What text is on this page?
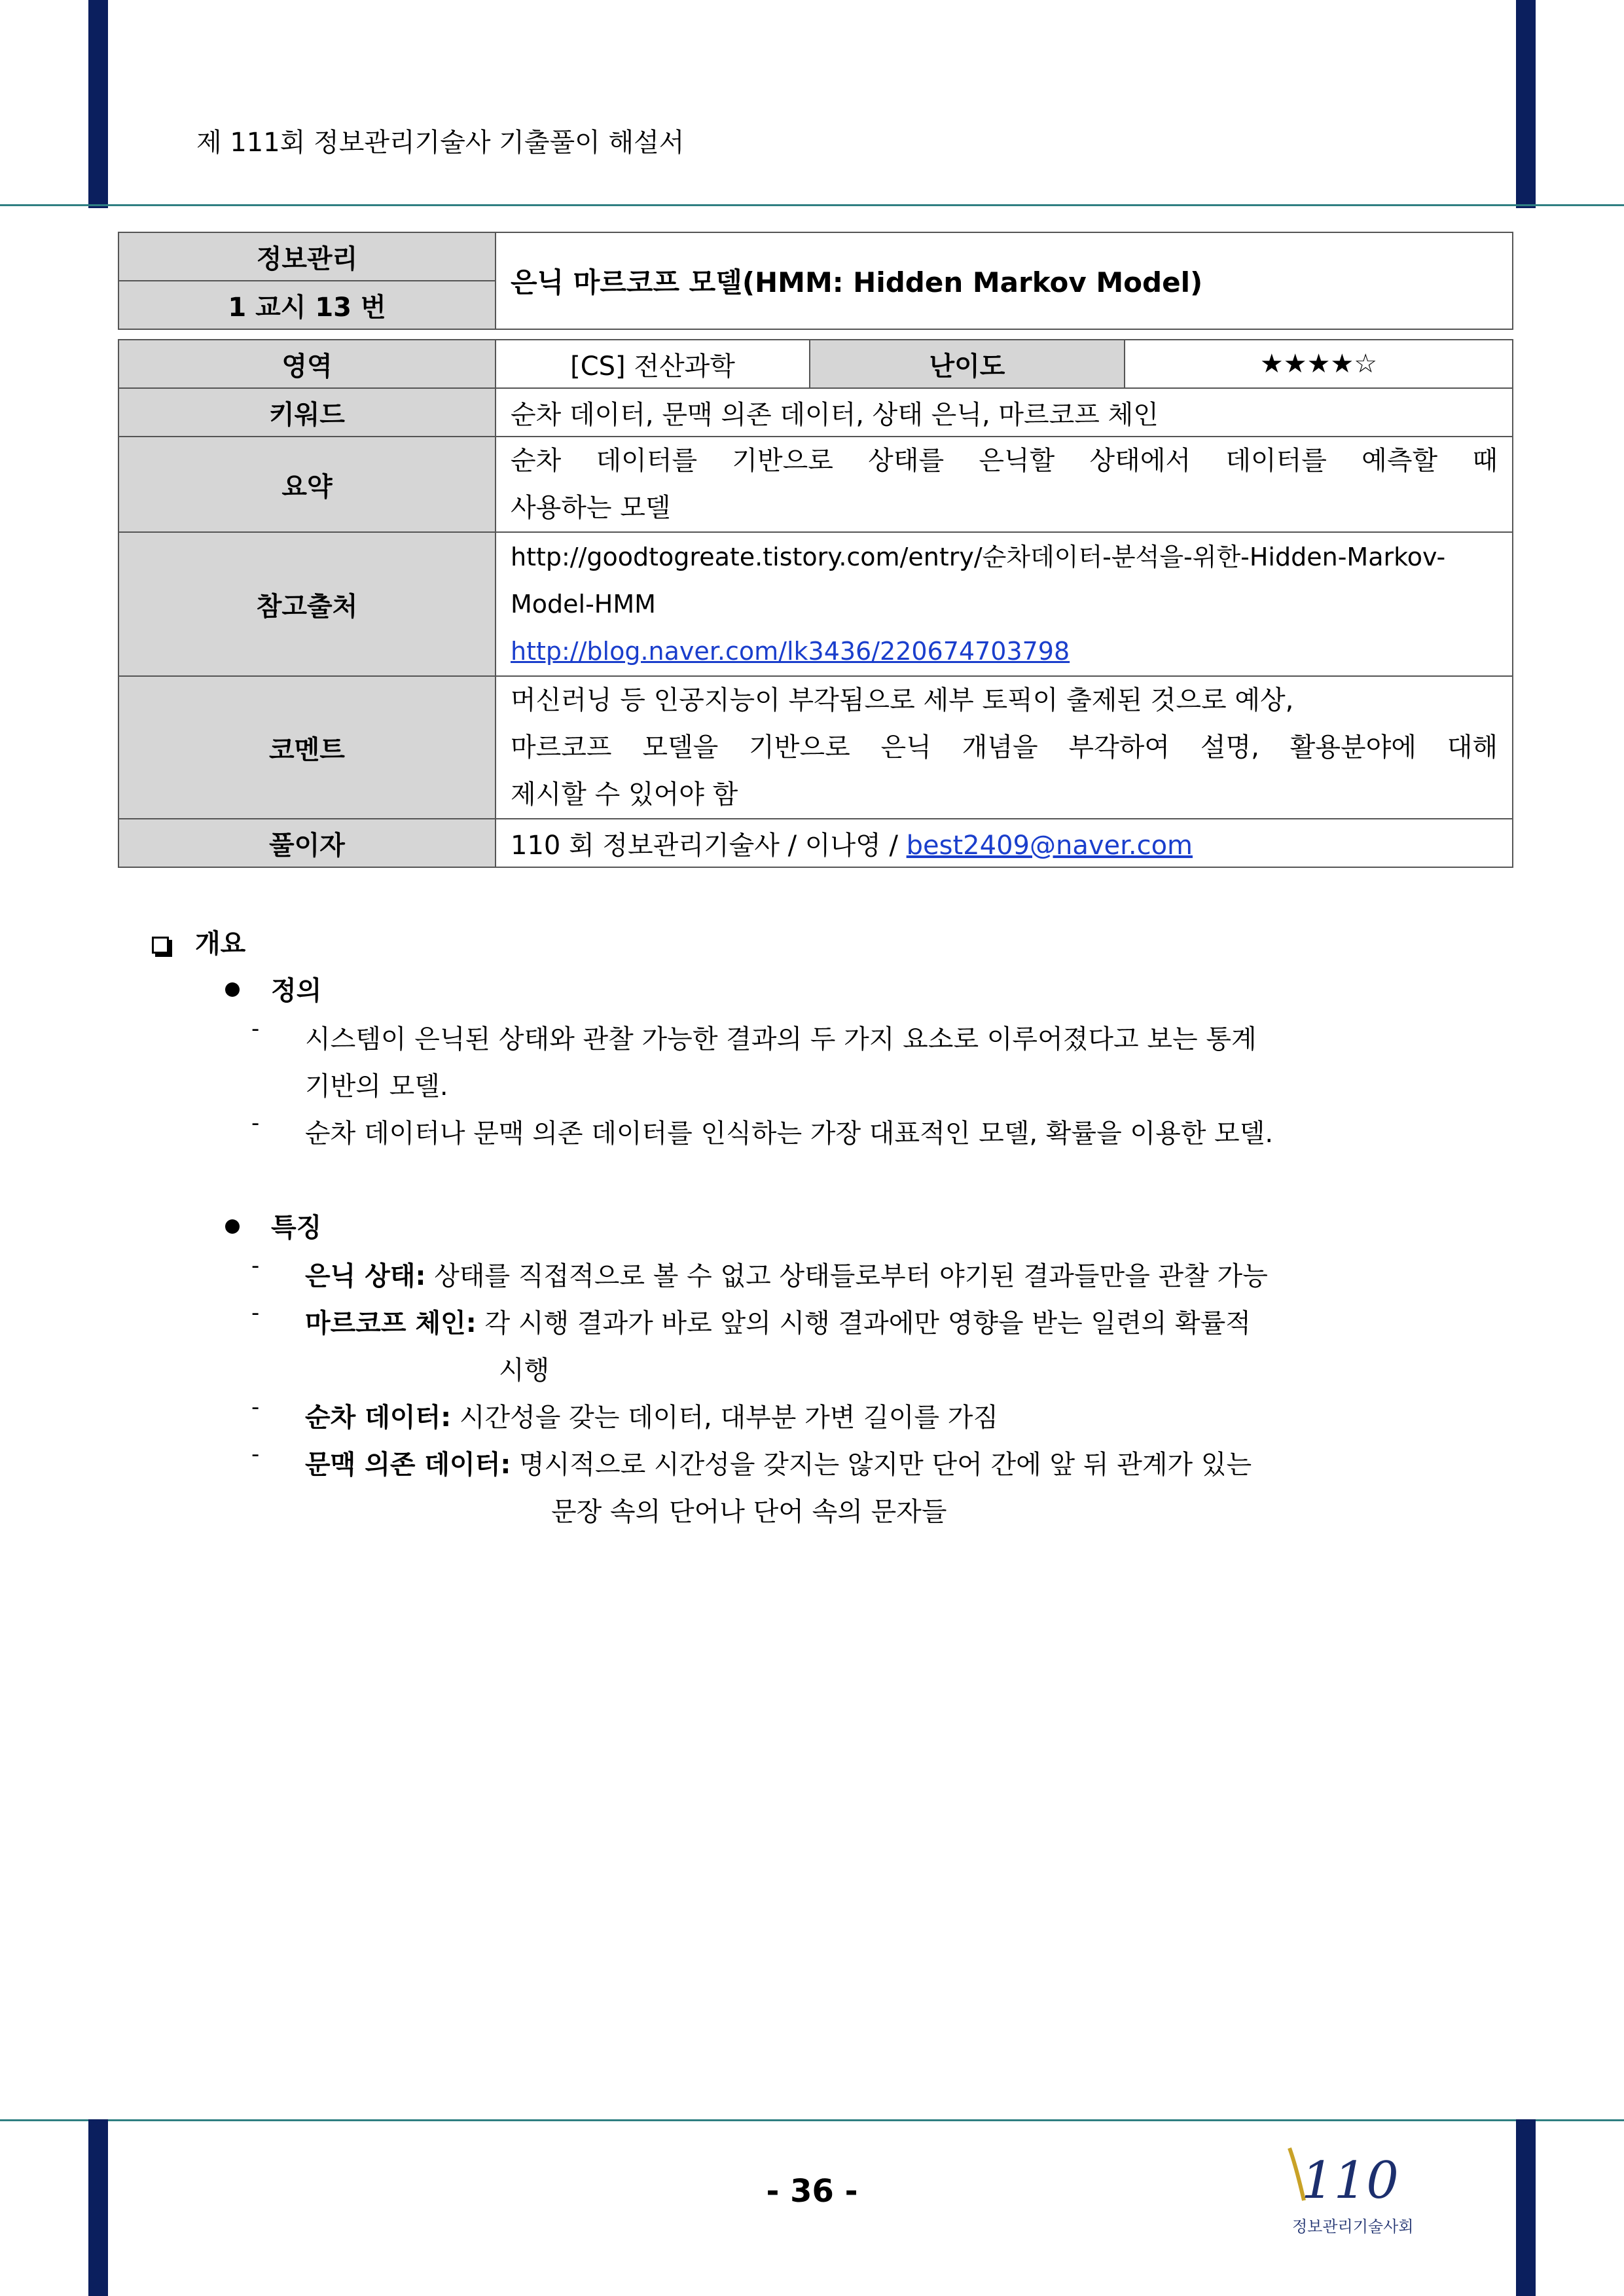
제 111회 정보관리기술사 기출풀이 해설서
정보관리	은닉 마르코프 모델(HMM: Hidden Markov Model)
1 교시 13 번
영역	[CS] 전산과학	난이도	★★★★☆
키워드	순차 데이터, 문맥 의존 데이터, 상태 은닉, 마르코프 체인		
요약	순차 데이터를 기반으로 상태를 은닉할 상태에서 데이터를 예측할 때
사용하는 모델		

참고출처	http://goodtogreate.tistory.com/entry/순차데이터-분석을-위한-Hidden-Markov-
Model-HMM
http://blog.naver.com/lk3436/220674703798		
코멘트	머신러닝 등 인공지능이 부각됨으로 세부 토픽이 출제된 것으로 예상,
마르코프 모델을 기반으로 은닉 개념을 부각하여 설명, 활용분야에 대해
제시할 수 있어야 함		

풀이자	110 회 정보관리기술사 / 이나영 / best2409@naver.com		
개요
정의
- 시스템이 은닉된 상태와 관찰 가능한 결과의 두 가지 요소로 이루어졌다고 보는 통계
기반의 모델.
- 순차 데이터나 문맥 의존 데이터를 인식하는 가장 대표적인 모델, 확률을 이용한 모델.
특징
- 은닉 상태: 상태를 직접적으로 볼 수 없고 상태들로부터 야기된 결과들만을 관찰 가능
- 마르코프 체인: 각 시행 결과가 바로 앞의 시행 결과에만 영향을 받는 일련의 확률적
시행
- 순차 데이터: 시간성을 갖는 데이터, 대부분 가변 길이를 가짐
- 문맥 의존 데이터: 명시적으로 시간성을 갖지는 않지만 단어 간에 앞 뒤 관계가 있는
문장 속의 단어나 단어 속의 문자들
- 36 -	110
정보관리기술사회
